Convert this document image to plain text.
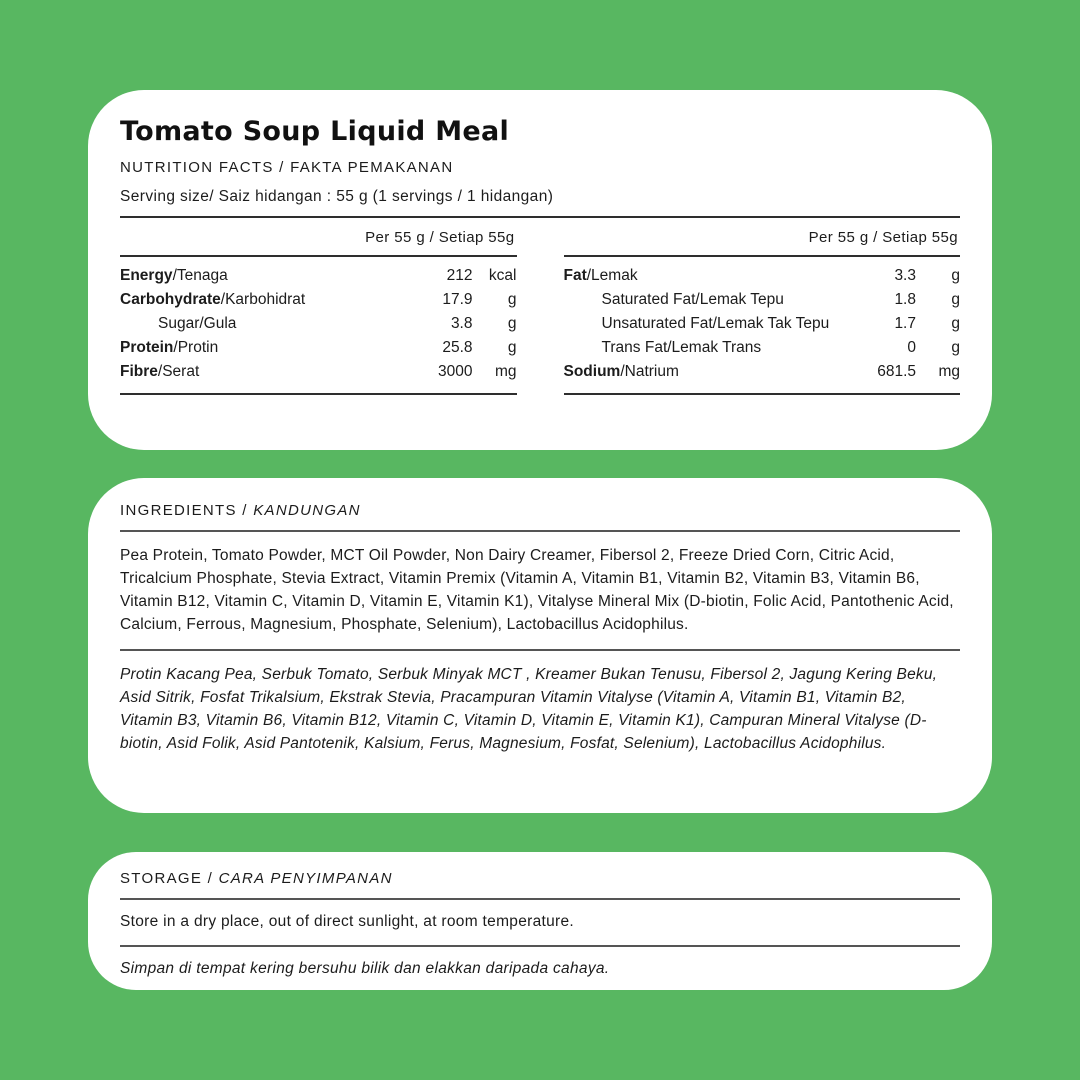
Tomato Soup Liquid Meal
NUTRITION FACTS / FAKTA PEMAKANAN
Serving size/ Saiz hidangan : 55 g (1 servings / 1 hidangan)
Per 55 g / Setiap 55g
Energy/Tenaga	212	kcal
Carbohydrate/Karbohidrat	17.9	g
Sugar/Gula	3.8	g
Protein/Protin	25.8	g
Fibre/Serat	3000	mg
Per 55 g / Setiap 55g
Fat/Lemak	3.3	g
Saturated Fat/Lemak Tepu	1.8	g
Unsaturated Fat/Lemak Tak Tepu	1.7	g
Trans Fat/Lemak Trans	0	g
Sodium/Natrium	681.5	mg
INGREDIENTS / KANDUNGAN

Pea Protein, Tomato Powder, MCT Oil Powder, Non Dairy Creamer, Fibersol 2, Freeze Dried Corn, Citric Acid, Tricalcium Phosphate, Stevia Extract, Vitamin Premix (Vitamin A, Vitamin B1, Vitamin B2, Vitamin B3, Vitamin B6, Vitamin B12, Vitamin C, Vitamin D, Vitamin E, Vitamin K1), Vitalyse Mineral Mix (D-biotin, Folic Acid, Pantothenic Acid, Calcium, Ferrous, Magnesium, Phosphate, Selenium), Lactobacillus Acidophilus.

Protin Kacang Pea, Serbuk Tomato, Serbuk Minyak MCT , Kreamer Bukan Tenusu, Fibersol 2, Jagung Kering Beku, Asid Sitrik, Fosfat Trikalsium, Ekstrak Stevia, Pracampuran Vitamin Vitalyse (Vitamin A, Vitamin B1, Vitamin B2, Vitamin B3, Vitamin B6, Vitamin B12, Vitamin C, Vitamin D, Vitamin E, Vitamin K1), Campuran Mineral Vitalyse (D-biotin, Asid Folik, Asid Pantotenik, Kalsium, Ferus, Magnesium, Fosfat, Selenium), Lactobacillus Acidophilus.

STORAGE / CARA PENYIMPANAN
Store in a dry place, out of direct sunlight, at room temperature.
Simpan di tempat kering bersuhu bilik dan elakkan daripada cahaya.
